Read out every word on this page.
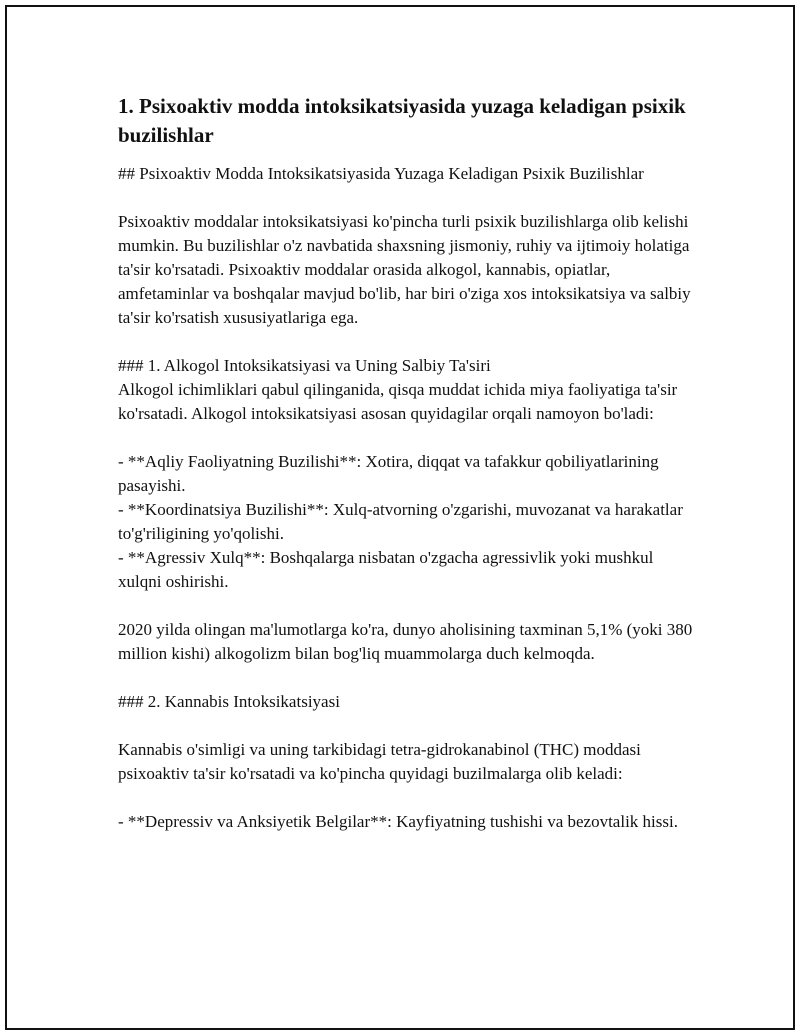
1. Psixoaktiv modda intoksikatsiyasida yuzaga keladigan psixik buzilishlar

## Psixoaktiv Modda Intoksikatsiyasida Yuzaga Keladigan Psixik Buzilishlar

Psixoaktiv moddalar intoksikatsiyasi ko'pincha turli psixik buzilishlarga olib kelishi mumkin. Bu buzilishlar o'z navbatida shaxsning jismoniy, ruhiy va ijtimoiy holatiga ta'sir ko'rsatadi. Psixoaktiv moddalar orasida alkogol, kannabis, opiatlar, amfetaminlar va boshqalar mavjud bo'lib, har biri o'ziga xos intoksikatsiya va salbiy ta'sir ko'rsatish xususiyatlariga ega.

### 1. Alkogol Intoksikatsiyasi va Uning Salbiy Ta'siri

Alkogol ichimliklari qabul qilinganida, qisqa muddat ichida miya faoliyatiga ta'sir ko'rsatadi. Alkogol intoksikatsiyasi asosan quyidagilar orqali namoyon bo'ladi:

- **Aqliy Faoliyatning Buzilishi**: Xotira, diqqat va tafakkur qobiliyatlarining pasayishi.

- **Koordinatsiya Buzilishi**: Xulq-atvorning o'zgarishi, muvozanat va harakatlar to'g'riligining yo'qolishi.

- **Agressiv Xulq**: Boshqalarga nisbatan o'zgacha agressivlik yoki mushkul xulqni oshirishi.

2020 yilda olingan ma'lumotlarga ko'ra, dunyo aholisining taxminan 5,1% (yoki 380 million kishi) alkogolizm bilan bog'liq muammolarga duch kelmoqda.

### 2. Kannabis Intoksikatsiyasi

Kannabis o'simligi va uning tarkibidagi tetra-gidrokanabinol (THC) moddasi psixoaktiv ta'sir ko'rsatadi va ko'pincha quyidagi buzilmalarga olib keladi:

- **Depressiv va Anksiyetik Belgilar**: Kayfiyatning tushishi va bezovtalik hissi.
